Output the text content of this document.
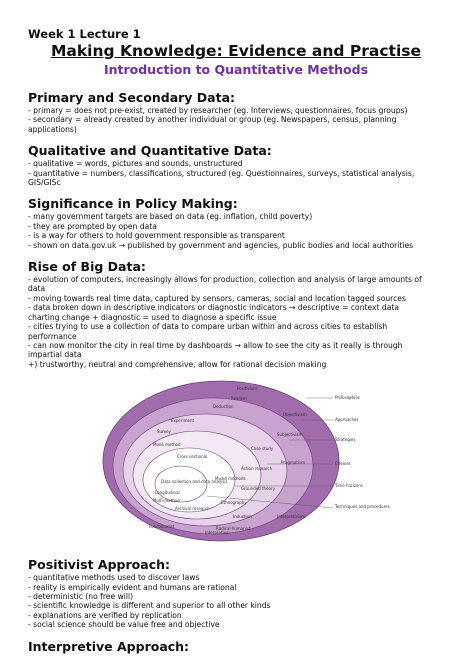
Week 1 Lecture 1
Making Knowledge: Evidence and Practise
Introduction to Quantitative Methods
Primary and Secondary Data:
- primary = does not pre-exist, created by researcher (eg. Interviews, questionnaires, focus groups)
- secondary = already created by another individual or group (eg. Newspapers, census, planning
applications)
Qualitative and Quantitative Data:
- qualitative = words, pictures and sounds, unstructured
- quantitative = numbers, classifications, structured (eg. Questionnaires, surveys, statistical analysis,
GIS/GISc
Significance in Policy Making:
- many government targets are based on data (eg. inflation, child poverty)
- they are prompted by open data
- is a way for others to hold government responsible as transparent
- shown on data.gov.uk → published by government and agencies, public bodies and local authorities
Rise of Big Data:
- evolution of computers, increasingly allows for production, collection and analysis of large amounts of
data
- moving towards real time data, captured by sensors, cameras, social and location tagged sources
- data broken down in descriptive indicators or diagnostic indicators → descriptive = context data
charting change + diagnostic = used to diagnose a specific issue
- cities trying to use a collection of data to compare urban within and across cities to establish
performance
- can now monitor the city in real time by dashboards → allow to see the city as it really is through
impartial data
+) trustworthy, neutral and comprehensive, allow for rational decision making
Positivism
Realism
Objectivism
Subjectivism
Pragmatism
Interpretivism
Radical humanist
Functionalist
Interpretive
Deduction
Induction
Experiment
Survey
Case study
Action research
Grounded theory
Ethnography
Archival research
Mono method
Mixed methods
Multi-method
Cross sectional
Longitudinal
Data collection and data analysis
Philosophies
Approaches
Strategies
Choices
Time horizons
Techniques and procedures
Positivist Approach:
- quantitative methods used to discover laws
- reality is empirically evident and humans are rational
- deterministic (no free will)
- scientific knowledge is different and superior to all other kinds
- explanations are verified by replication
- social science should be value free and objective
Interpretive Approach:
